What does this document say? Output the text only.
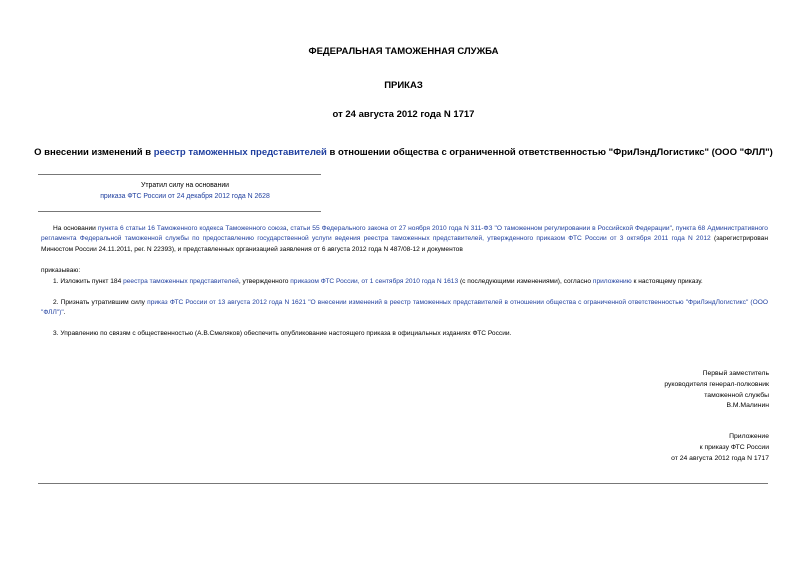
ФЕДЕРАЛЬНАЯ ТАМОЖЕННАЯ СЛУЖБА
ПРИКАЗ
от 24 августа 2012 года N 1717
О внесении изменений в реестр таможенных представителей в отношении общества с ограниченной ответственностью "ФриЛэндЛогистикс" (ООО "ФЛЛ")
Утратил силу на основании
приказа ФТС России от 24 декабря 2012 года N 2628
На основании пункта 6 статьи 16 Таможенного кодекса Таможенного союза, статьи 55 Федерального закона от 27 ноября 2010 года N 311-ФЗ "О таможенном регулировании в Российской Федерации", пункта 68 Административного регламента Федеральной таможенной службы по предоставлению государственной услуги ведения реестра таможенных представителей, утвержденного приказом ФТС России от 3 октября 2011 года N 2012 (зарегистрирован Минюстом России 24.11.2011, рег. N 22393), и представленных организацией заявления от 6 августа 2012 года N 487/08-12 и документов
приказываю:
1. Изложить пункт 184 реестра таможенных представителей, утвержденного приказом ФТС России, от 1 сентября 2010 года N 1613 (с последующими изменениями), согласно приложению к настоящему приказу.
2. Признать утратившим силу приказ ФТС России от 13 августа 2012 года N 1621 "О внесении изменений в реестр таможенных представителей в отношении общества с ограниченной ответственностью "ФриЛэндЛогистикс" (ООО "ФЛЛ")".
3. Управлению по связям с общественностью (А.В.Смеляков) обеспечить опубликование настоящего приказа в официальных изданиях ФТС России.
Первый заместитель
руководителя генерал-полковник
таможенной службы
В.М.Малинин
Приложение
к приказу ФТС России
от 24 августа 2012 года N 1717
